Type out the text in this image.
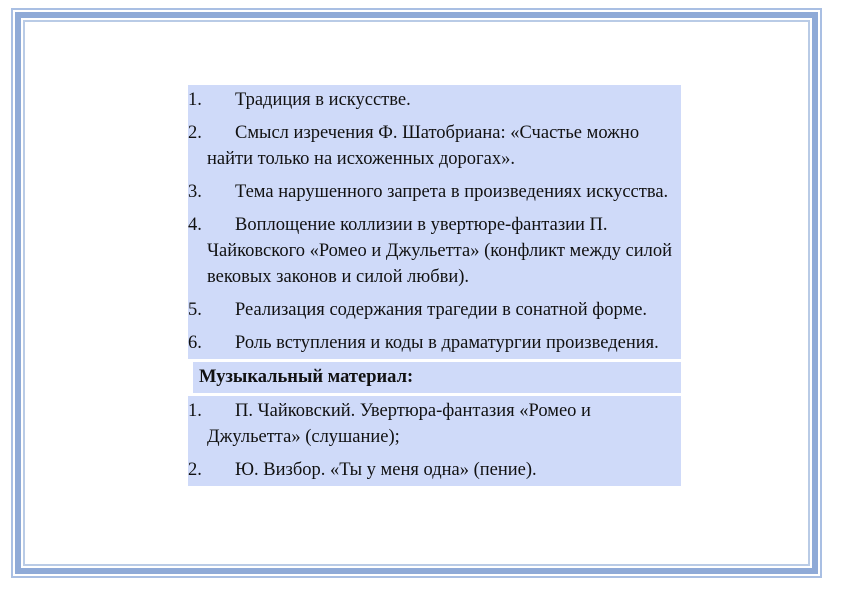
1. Традиция в искусстве.
2. Смысл изречения Ф. Шатобриана: «Счастье можно найти только на исхоженных дорогах».
3. Тема нарушенного запрета в произведениях искусства.
4. Воплощение коллизии в увертюре-фантазии П. Чайковского «Ромео и Джульетта» (конфликт между силой вековых законов и силой любви).
5. Реализация содержания трагедии в сонатной форме.
6. Роль вступления и коды в драматургии произведения.
Музыкальный материал:
1. П. Чайковский. Увертюра-фантазия «Ромео и Джульетта» (слушание);
2. Ю. Визбор. «Ты у меня одна» (пение).
